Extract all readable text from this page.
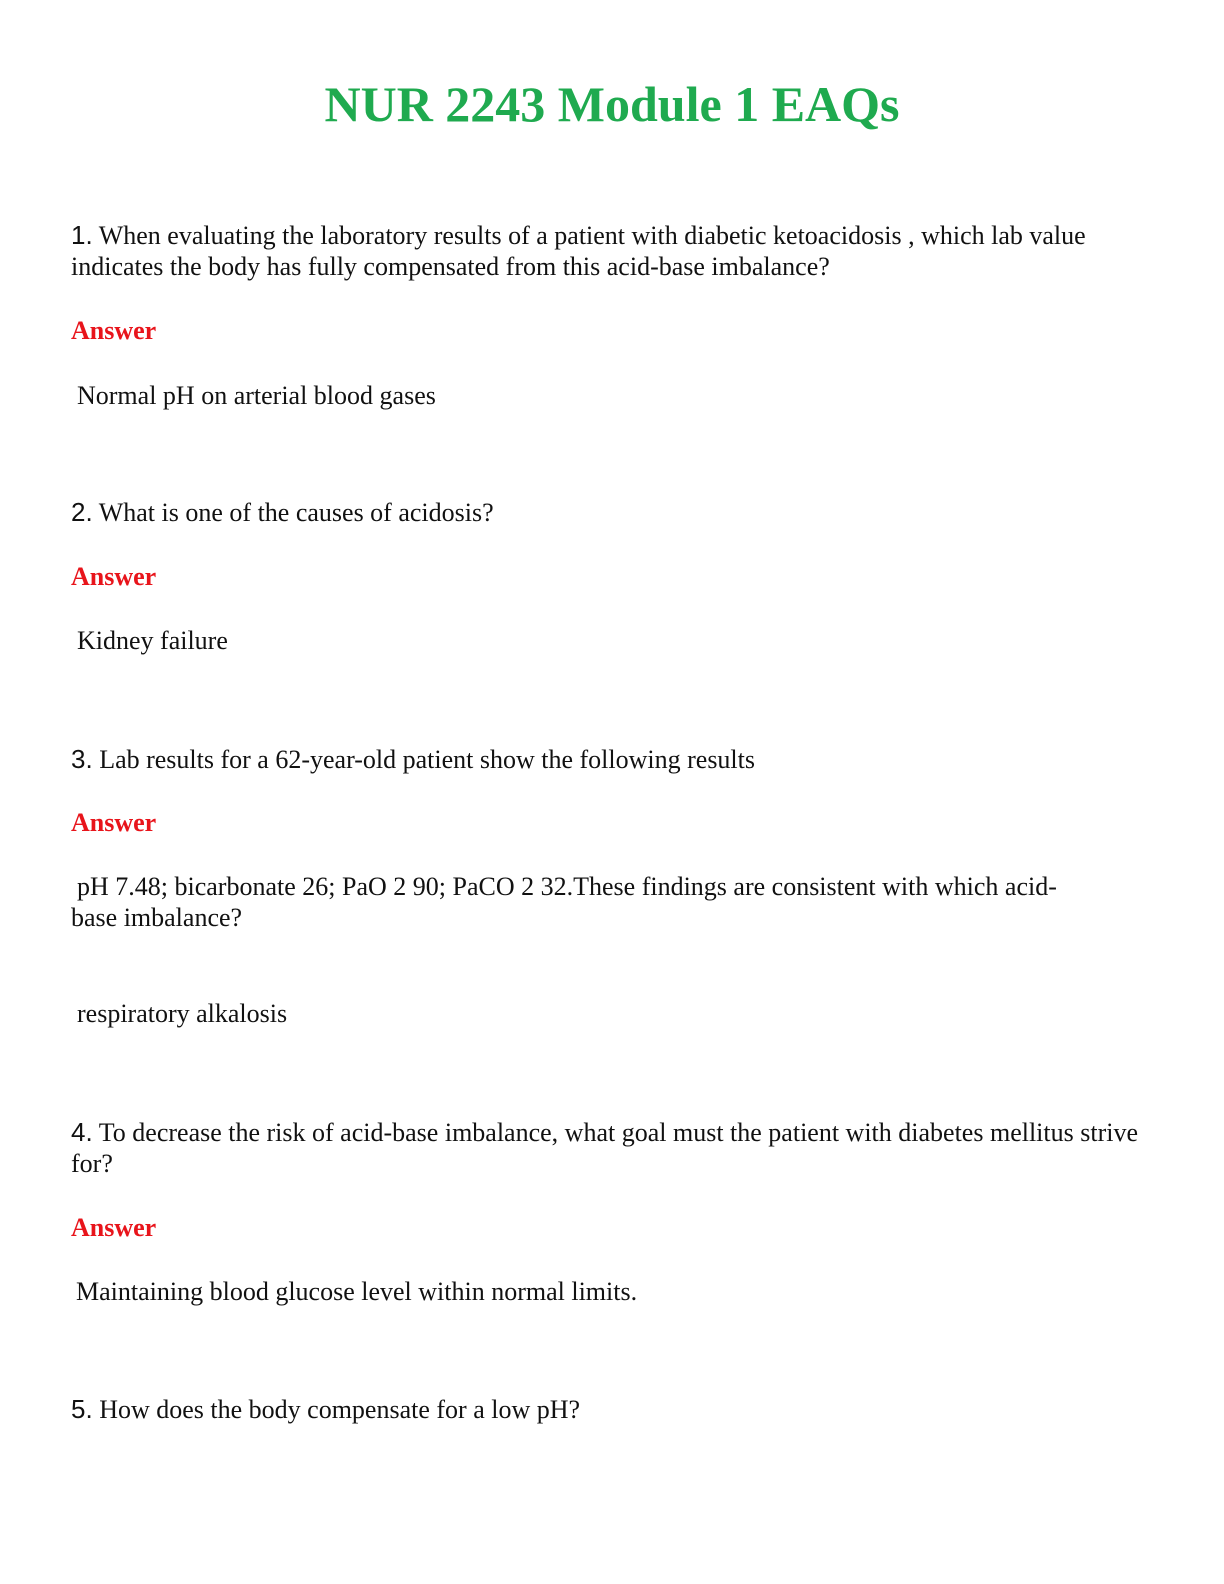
NUR 2243 Module 1 EAQs
1. When evaluating the laboratory results of a patient with diabetic ketoacidosis , which lab value indicates the body has fully compensated from this acid-base imbalance?
Answer
Normal pH on arterial blood gases
2. What is one of the causes of acidosis?
Answer
Kidney failure
3. Lab results for a 62-year-old patient show the following results
Answer
pH 7.48; bicarbonate 26; PaO 2 90; PaCO 2 32.These findings are consistent with which acid-base imbalance?
respiratory alkalosis
4. To decrease the risk of acid-base imbalance, what goal must the patient with diabetes mellitus strive for?
Answer
Maintaining blood glucose level within normal limits.
5. How does the body compensate for a low pH?
